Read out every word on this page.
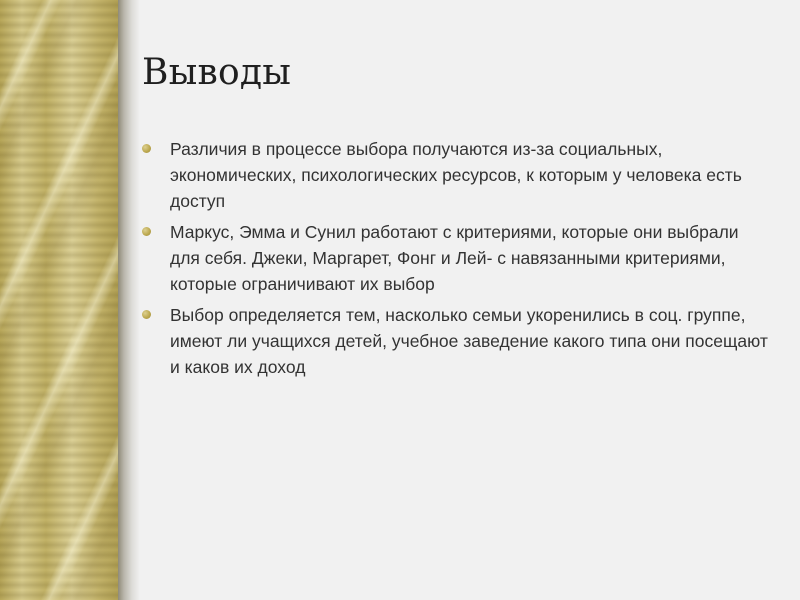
Выводы
Различия в процессе выбора получаются из-за социальных, экономических, психологических ресурсов, к которым у человека есть доступ
Маркус, Эмма и Сунил работают с критериями, которые они выбрали для себя. Джеки, Маргарет, Фонг и Лей- с навязанными критериями, которые ограничивают их выбор
Выбор определяется тем, насколько семьи укоренились в соц. группе, имеют ли учащихся детей, учебное заведение какого типа они посещают и каков их доход
